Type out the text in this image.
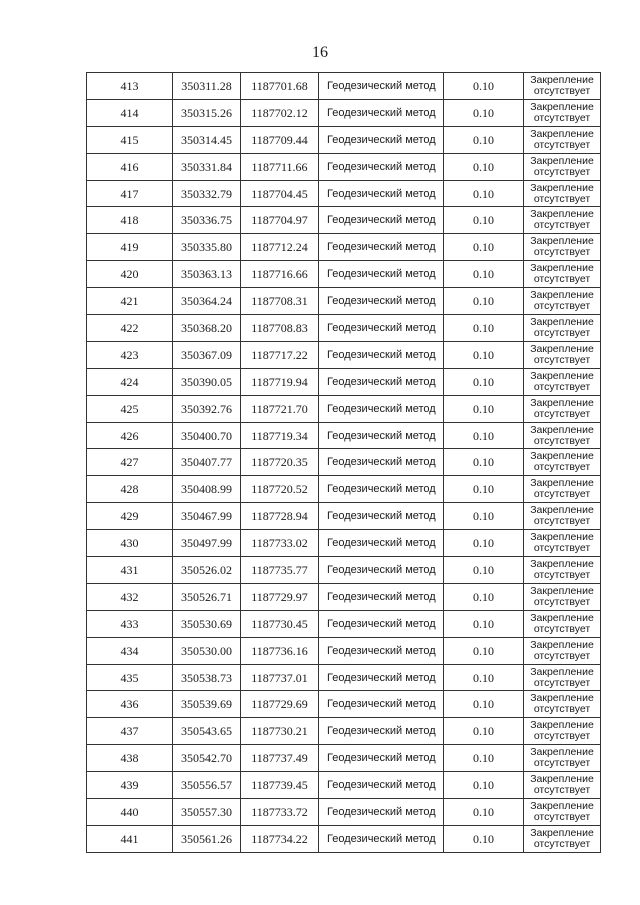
16
413	350311.28	1187701.68	Геодезический метод	0.10	Закрепление
отсутствует

414	350315.26	1187702.12	Геодезический метод	0.10	Закрепление
отсутствует

415	350314.45	1187709.44	Геодезический метод	0.10	Закрепление
отсутствует

416	350331.84	1187711.66	Геодезический метод	0.10	Закрепление
отсутствует

417	350332.79	1187704.45	Геодезический метод	0.10	Закрепление
отсутствует

418	350336.75	1187704.97	Геодезический метод	0.10	Закрепление
отсутствует

419	350335.80	1187712.24	Геодезический метод	0.10	Закрепление
отсутствует

420	350363.13	1187716.66	Геодезический метод	0.10	Закрепление
отсутствует

421	350364.24	1187708.31	Геодезический метод	0.10	Закрепление
отсутствует

422	350368.20	1187708.83	Геодезический метод	0.10	Закрепление
отсутствует

423	350367.09	1187717.22	Геодезический метод	0.10	Закрепление
отсутствует

424	350390.05	1187719.94	Геодезический метод	0.10	Закрепление
отсутствует

425	350392.76	1187721.70	Геодезический метод	0.10	Закрепление
отсутствует

426	350400.70	1187719.34	Геодезический метод	0.10	Закрепление
отсутствует

427	350407.77	1187720.35	Геодезический метод	0.10	Закрепление
отсутствует

428	350408.99	1187720.52	Геодезический метод	0.10	Закрепление
отсутствует

429	350467.99	1187728.94	Геодезический метод	0.10	Закрепление
отсутствует

430	350497.99	1187733.02	Геодезический метод	0.10	Закрепление
отсутствует

431	350526.02	1187735.77	Геодезический метод	0.10	Закрепление
отсутствует

432	350526.71	1187729.97	Геодезический метод	0.10	Закрепление
отсутствует

433	350530.69	1187730.45	Геодезический метод	0.10	Закрепление
отсутствует

434	350530.00	1187736.16	Геодезический метод	0.10	Закрепление
отсутствует

435	350538.73	1187737.01	Геодезический метод	0.10	Закрепление
отсутствует

436	350539.69	1187729.69	Геодезический метод	0.10	Закрепление
отсутствует

437	350543.65	1187730.21	Геодезический метод	0.10	Закрепление
отсутствует

438	350542.70	1187737.49	Геодезический метод	0.10	Закрепление
отсутствует

439	350556.57	1187739.45	Геодезический метод	0.10	Закрепление
отсутствует

440	350557.30	1187733.72	Геодезический метод	0.10	Закрепление
отсутствует

441	350561.26	1187734.22	Геодезический метод	0.10	Закрепление
отсутствует
